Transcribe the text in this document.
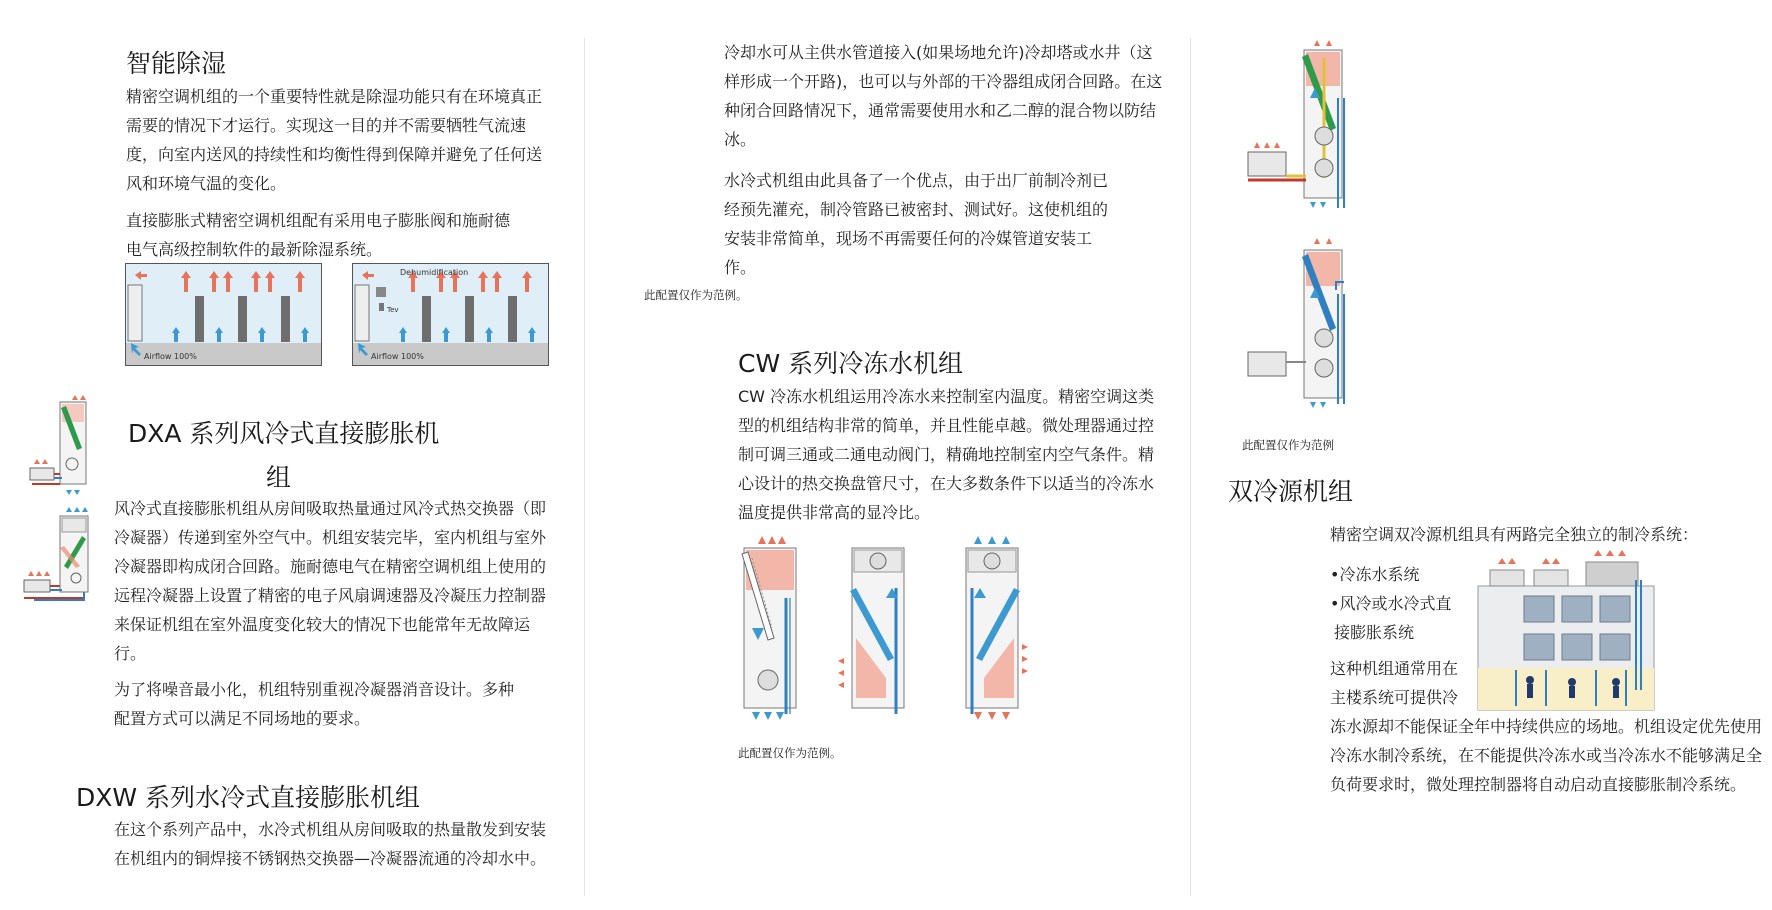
智能除湿
精密空调机组的一个重要特性就是除湿功能只有在环境真正需要的情况下才运行。实现这一目的并不需要牺牲气流速度，向室内送风的持续性和均衡性得到保障并避免了任何送风和环境气温的变化。
直接膨胀式精密空调机组配有采用电子膨胀阀和施耐德电气高级控制软件的最新除湿系统。
Airflow 100%
Dehumidification
Tev
Airflow 100%
DXA 系列风冷式直接膨胀机
组
风冷式直接膨胀机组从房间吸取热量通过风冷式热交换器（即冷凝器）传递到室外空气中。机组安装完毕，室内机组与室外冷凝器即构成闭合回路。施耐德电气在精密空调机组上使用的远程冷凝器上设置了精密的电子风扇调速器及冷凝压力控制器来保证机组在室外温度变化较大的情况下也能常年无故障运行。
为了将噪音最小化，机组特别重视冷凝器消音设计。多种配置方式可以满足不同场地的要求。
DXW 系列水冷式直接膨胀机组
在这个系列产品中，水冷式机组从房间吸取的热量散发到安装在机组内的铜焊接不锈钢热交换器—冷凝器流通的冷却水中。
冷却水可从主供水管道接入(如果场地允许)冷却塔或水井（这样形成一个开路)，也可以与外部的干冷器组成闭合回路。在这种闭合回路情况下，通常需要使用水和乙二醇的混合物以防结冰。
水冷式机组由此具备了一个优点，由于出厂前制冷剂已经预先灌充，制冷管路已被密封、测试好。这使机组的安装非常简单，现场不再需要任何的冷媒管道安装工作。
此配置仅作为范例。
CW 系列冷冻水机组
CW 冷冻水机组运用冷冻水来控制室内温度。精密空调这类型的机组结构非常的简单，并且性能卓越。微处理器通过控制可调三通或二通电动阀门，精确地控制室内空气条件。精心设计的热交换盘管尺寸，在大多数条件下以适当的冷冻水温度提供非常高的显冷比。
此配置仅作为范例。
此配置仅作为范例
双冷源机组
精密空调双冷源机组具有两路完全独立的制冷系统：
•冷冻水系统
•风冷或水冷式直
接膨胀系统
这种机组通常用在
主楼系统可提供冷
冻水源却不能保证全年中持续供应的场地。机组设定优先使用冷冻水制冷系统，在不能提供冷冻水或当冷冻水不能够满足全负荷要求时，微处理控制器将自动启动直接膨胀制冷系统。
